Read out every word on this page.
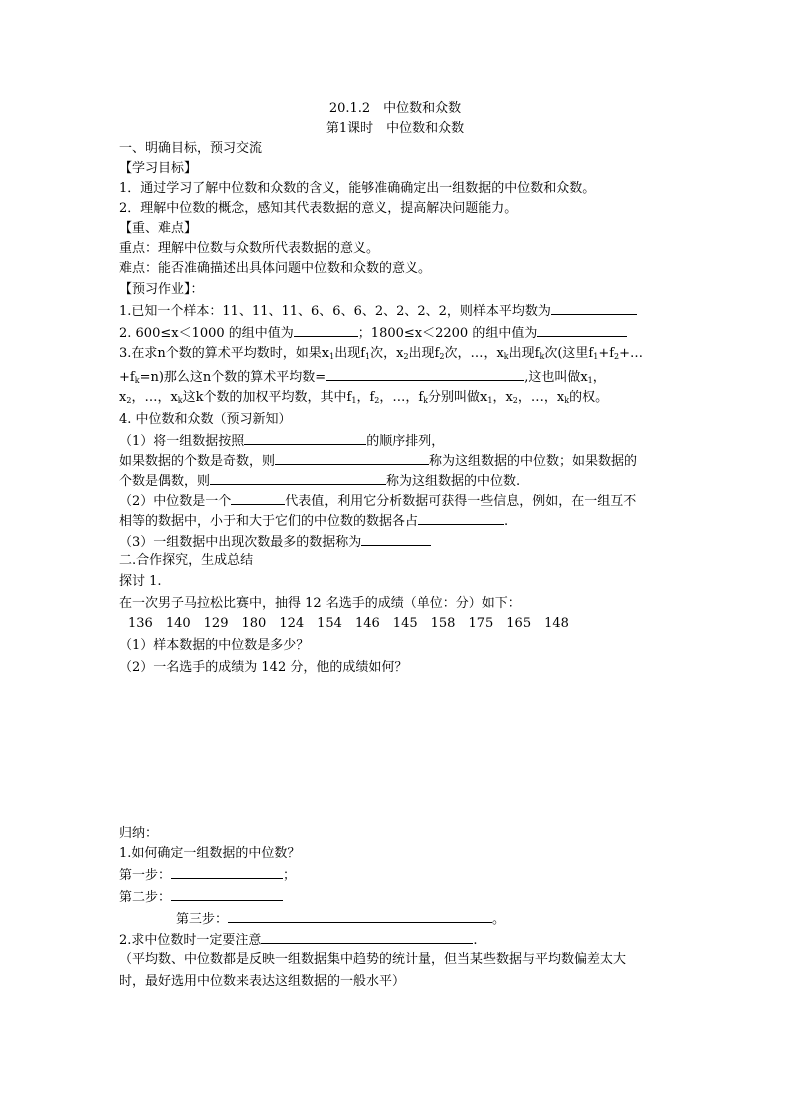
20.1.2　中位数和众数
第1课时　中位数和众数
一、明确目标，预习交流
【学习目标】
1．通过学习了解中位数和众数的含义，能够准确确定出一组数据的中位数和众数。
2．理解中位数的概念，感知其代表数据的意义，提高解决问题能力。
【重、难点】
重点：理解中位数与众数所代表数据的意义。
难点：能否准确描述出具体问题中位数和众数的意义。
【预习作业】：
1.已知一个样本：11、11、11、6、6、6、2、2、2、2，则样本平均数为
2. 600≤x＜1000 的组中值为	；1800≤x＜2200 的组中值为
3.在求n个数的算术平均数时，如果$x_1$出现$f_1$次，$x_2$出现$f_2$次，…，$x_k$出现$f_k$次(这里$f_1+f_2+\dots$
$+f_k=n$)那么这n个数的算术平均数=	,这也叫做$x_1$，
$x_2$，…，$x_k$这k个数的加权平均数，其中$f_1$，$f_2$，…，$f_k$分别叫做$x_1$，$x_2$，…，$x_k$的权。
4. 中位数和众数（预习新知）
（1）将一组数据按照	的顺序排列，
如果数据的个数是奇数，则	称为这组数据的中位数；如果数据的
个数是偶数，则	称为这组数据的中位数.
（2）中位数是一个	代表值，利用它分析数据可获得一些信息，例如，在一组互不
相等的数据中，小于和大于它们的中位数的数据各占	.
（3）一组数据中出现次数最多的数据称为
二.合作探究，生成总结
探讨 1.
在一次男子马拉松比赛中，抽得 12 名选手的成绩（单位：分）如下：
136 140 129 180 124 154 146 145 158 175 165 148
（1）样本数据的中位数是多少？
（2）一名选手的成绩为 142 分，他的成绩如何？
归纳：
1.如何确定一组数据的中位数？
第一步：	；
第二步：
第三步：	。
2.求中位数时一定要注意	.
（平均数、中位数都是反映一组数据集中趋势的统计量，但当某些数据与平均数偏差太大
时，最好选用中位数来表达这组数据的一般水平）
